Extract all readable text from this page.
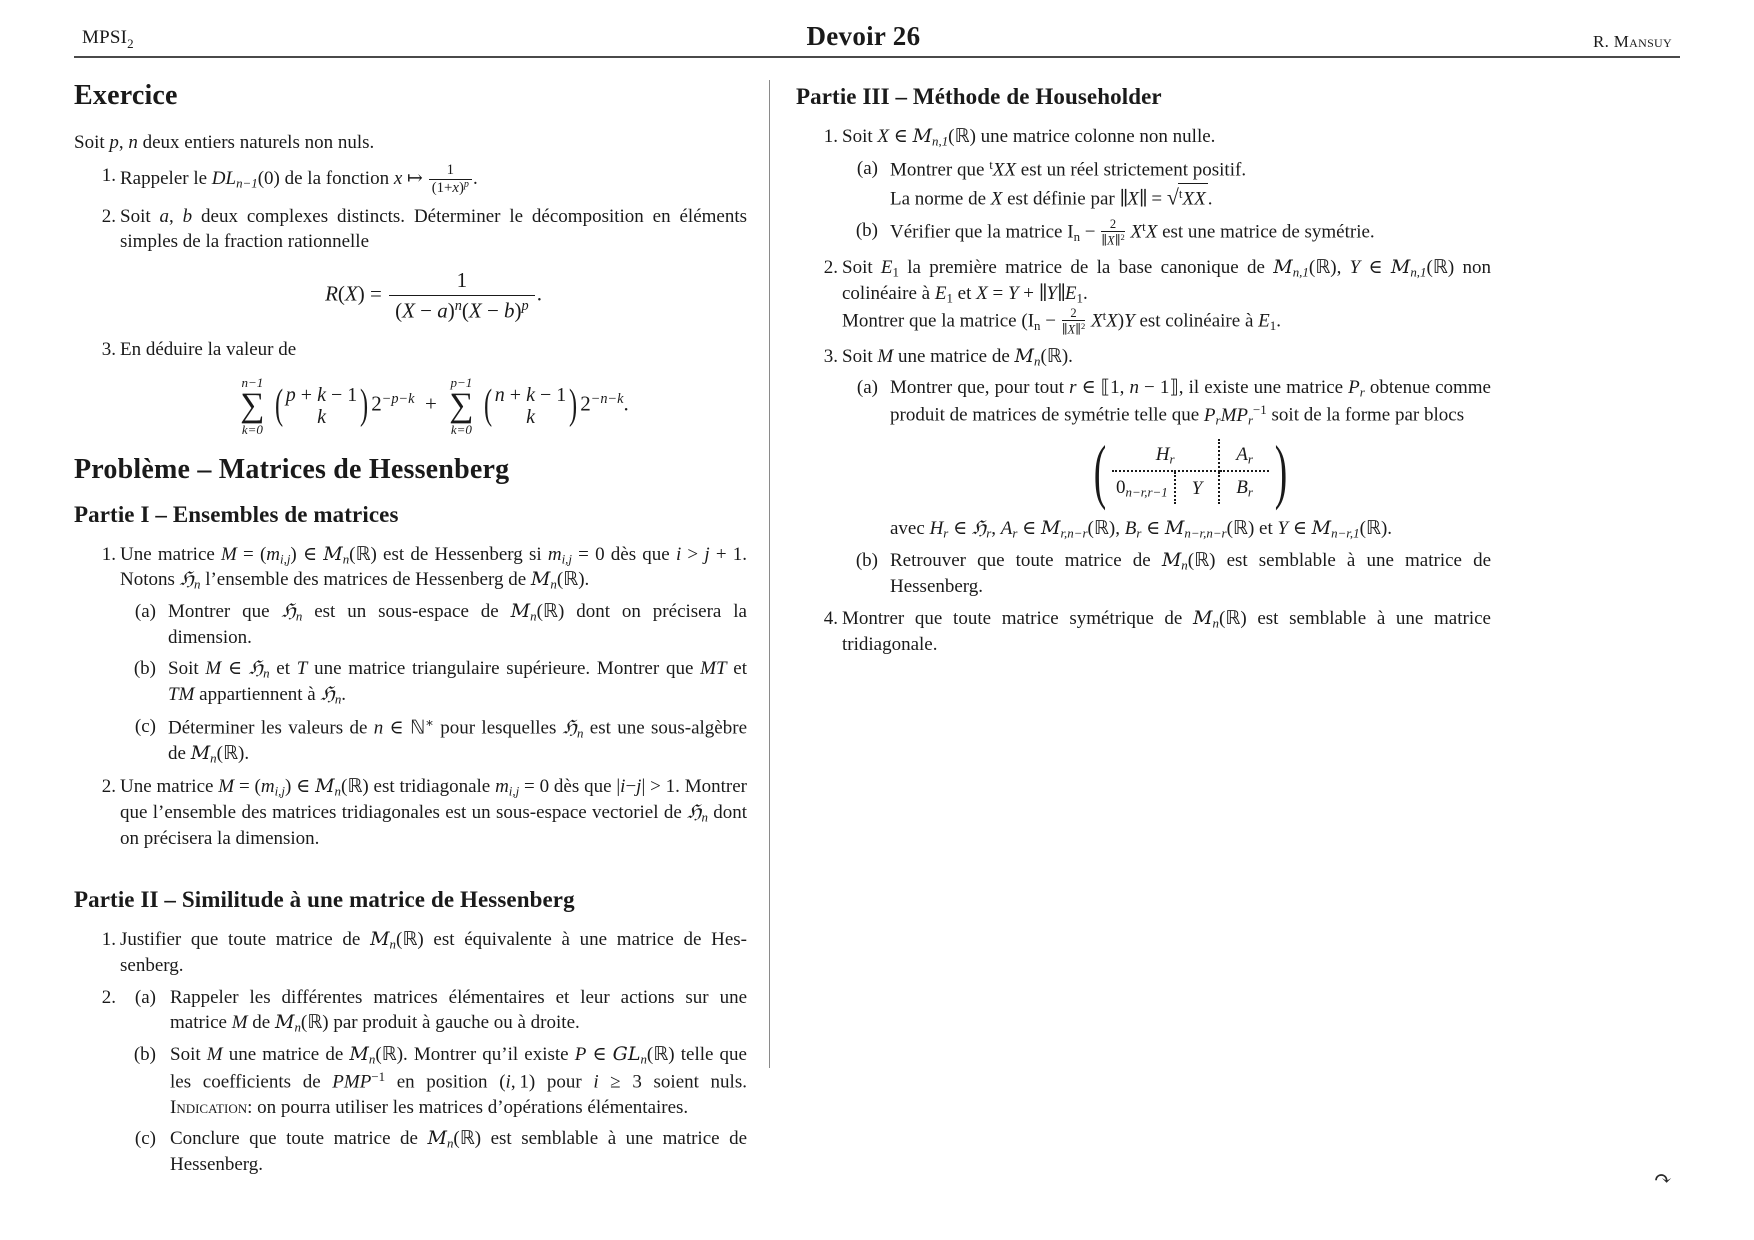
$MPSI_2$	Devoir 26	R. Mansuy
Exercice

Soit p, n deux entiers naturels non nuls.

1. Rappeler le $DL_{n-1}(0)$ de la fonction x ↦ $\frac{1}{(1+x)^p}$ .
2. Soit a, b deux complexes distincts. Déterminer le décomposition en éléments simples de la fraction rationnelle
$R(X) = \frac{1}{(X - a)^n(X - b)^p}$ .
3. En déduire la valeur de
n−1
∑
k=0
( p + k − 1
k ) $2^{-p-k}$  +
p−1
∑
k=0
( n + k − 1
k ) $2^{-n-k}$.
Problème – Matrices de Hessenberg
Partie I – Ensembles de matrices
1. Une matrice $M = (m_{i,j})$ ∈ $M_n(ℝ)$ est de Hessenberg si $m_{i,j} = 0$ dès que i > j + 1. Notons ℌ$_n$ l’ensemble des matrices de Hessenberg de $M_n(ℝ)$.
(a) Montrer que ℌ$_n$ est un sous-espace de $M_n(ℝ)$ dont on précisera la dimension.
(b) Soit M ∈ ℌ$_n$ et T une matrice triangulaire supérieure. Montrer que MT et TM appartiennent à ℌ$_n$.
(c) Déterminer les valeurs de n ∈ ℕ∗ pour lesquelles ℌ$_n$ est une sous-algèbre de $M_n(ℝ)$.
2. Une matrice $M = (m_{i,j})$ ∈ $M_n(ℝ)$ est tridiagonale $m_{i,j} = 0$ dès que |i−j| > 1. Montrer que l’ensemble des matrices tridiagonales est un sous-espace vectoriel de ℌ$_n$ dont on précisera la dimension.
Partie II – Similitude à une matrice de Hessenberg
1. Justifier que toute matrice de $M_n(ℝ)$ est équivalente à une matrice de Hes- senberg.
2. (a) Rappeler les différentes matrices élémentaires et leur actions sur une matrice M de $M_n(ℝ)$ par produit à gauche ou à droite.
(b) Soit M une matrice de $M_n(ℝ)$. Montrer qu’il existe P ∈ $GL_n(ℝ)$ telle que les coefficients de $PMP^{-1}$ en position (i, 1) pour i ≥ 3 soient nuls. Indication: on pourra utiliser les matrices d’opérations élémentaires.
(c) Conclure que toute matrice de $M_n(ℝ)$ est semblable à une matrice de Hessenberg.
Partie III – Méthode de Householder
1. Soit X ∈ $M_{n,1}(ℝ)$ une matrice colonne non nulle.
(a) Montrer que $^t$XX est un réel strictement positif.
La norme de X est définie par ∥X∥ = √$^t$XX .
(b) Vérifier que la matrice $I_n - \frac{2}{\parallel X\parallel^2} X^tX$ est une matrice de symétrie.
2. Soit $E_1$ la première matrice de la base canonique de $M_{n,1}(ℝ)$, Y ∈ $M_{n,1}(ℝ)$ non colinéaire à $E_1$ et $X = Y + \parallel Y\parallel E_1$.
Montrer que la matrice $(I_n - \frac{2}{\parallel X\parallel^2} X^tX)Y$ est colinéaire à $E_1$.
3. Soit M une matrice de $M_n(ℝ)$.
(a) Montrer que, pour tout r ∈ ⟦1, n − 1⟧, il existe une matrice $P_r$ obtenue comme produit de matrices de symétrie telle que $P_rMP_r^{-1}$ soit de la forme par blocs
(	$H_r$		$A_r$
$0_{n-r,r-1}$	Y	$B_r$ )
avec $H_r$ ∈ ℌ$_r$, $A_r$ ∈ $M_{r,n-r}(ℝ)$, $B_r$ ∈ $M_{n-r,n-r}(ℝ)$ et Y ∈ $M_{n-r,1}(ℝ)$.
(b) Retrouver que toute matrice de $M_n(ℝ)$ est semblable à une matrice de Hessenberg.
4. Montrer que toute matrice symétrique de $M_n(ℝ)$ est semblable à une matrice tridiagonale.
↷
